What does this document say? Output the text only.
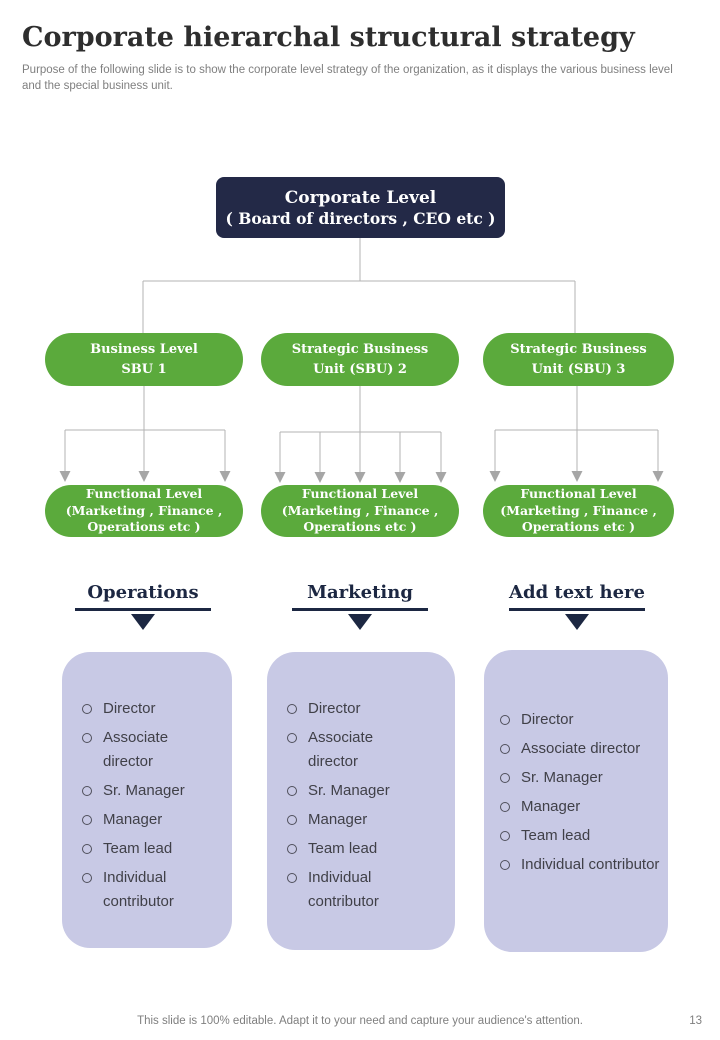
Corporate hierarchal structural strategy

Purpose of the following slide is to show the corporate level strategy of the organization, as it displays the various business level and the special business unit.

Corporate Level
( Board of directors , CEO etc )
Business Level
SBU 1
Strategic Business
Unit (SBU) 2
Strategic Business
Unit (SBU) 3
Functional Level
(Marketing , Finance ,
Operations etc )
Functional Level
(Marketing , Finance ,
Operations etc )
Functional Level
(Marketing , Finance ,
Operations etc )
Operations	Marketing	Add text here
Director
Associate director
Sr. Manager
Manager
Team lead
Individual contributor
Director
Associate director
Sr. Manager
Manager
Team lead
Individual contributor
Director
Associate director
Sr. Manager
Manager
Team lead
Individual contributor
This slide is 100% editable. Adapt it to your need and capture your audience's attention.	13
